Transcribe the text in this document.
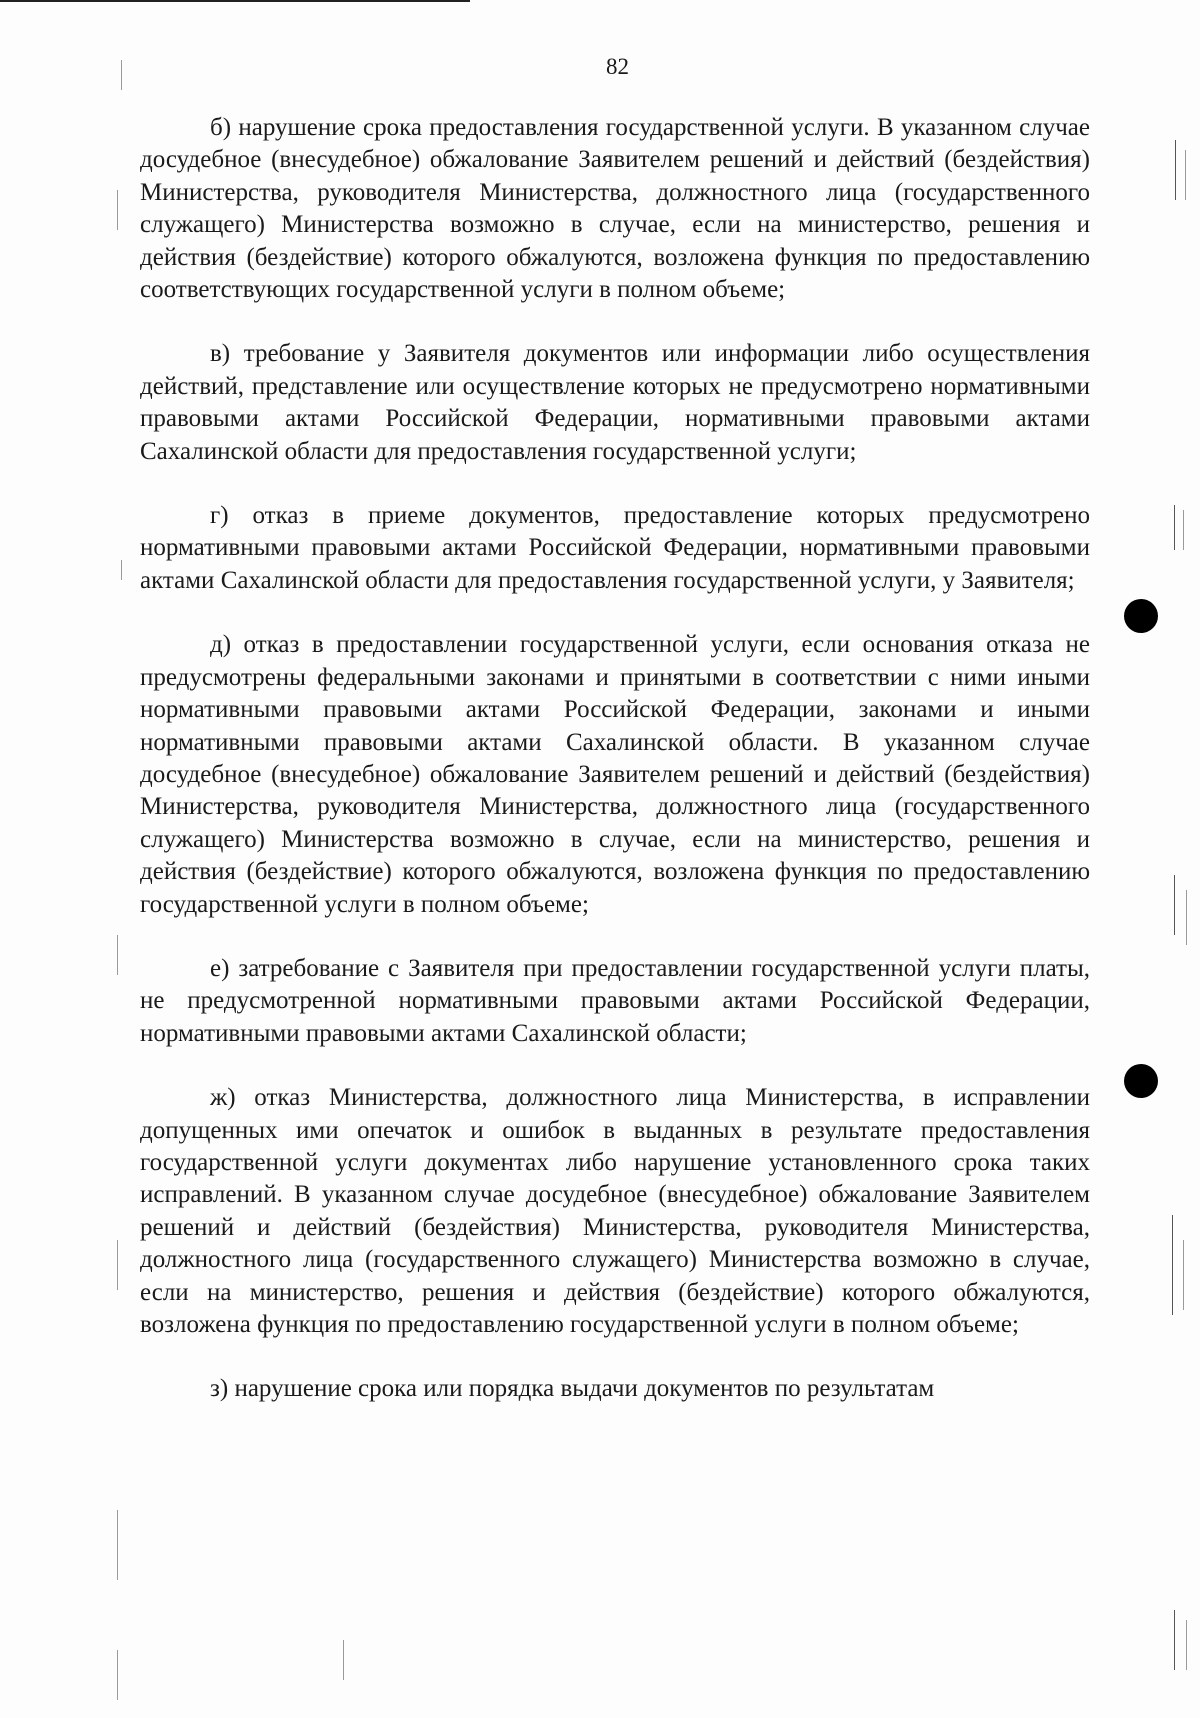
82

б) нарушение срока предоставления государственной услуги. В указанном случае досудебное (внесудебное) обжалование Заявителем решений и действий (бездействия) Министерства, руководителя Министерства, должностного лица (государственного служащего) Министерства возможно в случае, если на министерство, решения и действия (бездействие) которого обжалуются, возложена функция по предоставлению соответствующих государственной услуги в полном объеме;

в) требование у Заявителя документов или информации либо осуществления действий, представление или осуществление которых не предусмотрено нормативными правовыми актами Российской Федерации, нормативными правовыми актами Сахалинской области для предоставления государственной услуги;

г) отказ в приеме документов, предоставление которых предусмотрено нормативными правовыми актами Российской Федерации, нормативными правовыми актами Сахалинской области для предоставления государственной услуги, у Заявителя;

д) отказ в предоставлении государственной услуги, если основания отказа не предусмотрены федеральными законами и принятыми в соответствии с ними иными нормативными правовыми актами Российской Федерации, законами и иными нормативными правовыми актами Сахалинской области. В указанном случае досудебное (внесудебное) обжалование Заявителем решений и действий (бездействия) Министерства, руководителя Министерства, должностного лица (государственного служащего) Министерства возможно в случае, если на министерство, решения и действия (бездействие) которого обжалуются, возложена функция по предоставлению государственной услуги в полном объеме;

е) затребование с Заявителя при предоставлении государственной услуги платы, не предусмотренной нормативными правовыми актами Российской Федерации, нормативными правовыми актами Сахалинской области;

ж) отказ Министерства, должностного лица Министерства, в исправлении допущенных ими опечаток и ошибок в выданных в результате предоставления государственной услуги документах либо нарушение установленного срока таких исправлений. В указанном случае досудебное (внесудебное) обжалование Заявителем решений и действий (бездействия) Министерства, руководителя Министерства, должностного лица (государственного служащего) Министерства возможно в случае, если на министерство, решения и действия (бездействие) которого обжалуются, возложена функция по предоставлению государственной услуги в полном объеме;

з) нарушение срока или порядка выдачи документов по результатам
